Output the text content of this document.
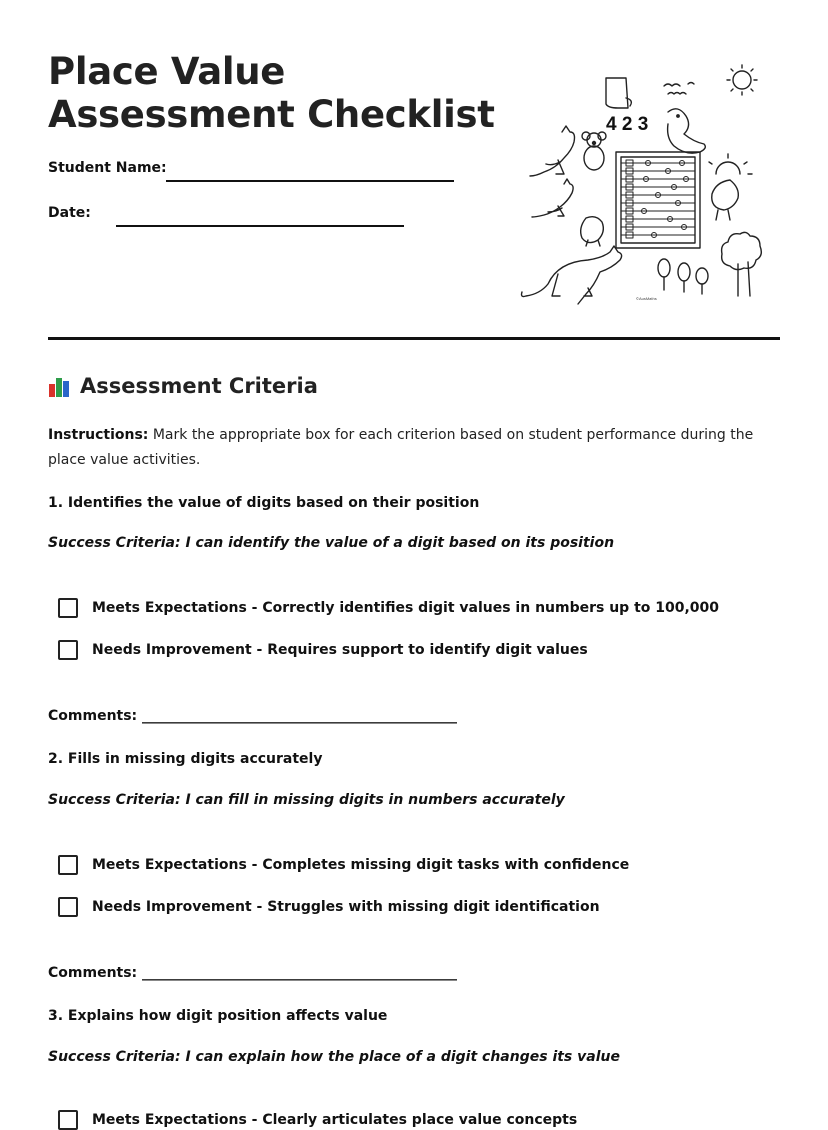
Place Value Assessment Checklist
Student Name:
Date:
4 2 3
©AusMaths
Assessment Criteria
Instructions: Mark the appropriate box for each criterion based on student performance during the place value activities.
1. Identifies the value of digits based on their position
Success Criteria: I can identify the value of a digit based on its position
Meets Expectations - Correctly identifies digit values in numbers up to 100,000
Needs Improvement - Requires support to identify digit values
Comments: _____________________________________________
2. Fills in missing digits accurately
Success Criteria: I can fill in missing digits in numbers accurately
Meets Expectations - Completes missing digit tasks with confidence
Needs Improvement - Struggles with missing digit identification
Comments: _____________________________________________
3. Explains how digit position affects value
Success Criteria: I can explain how the place of a digit changes its value
Meets Expectations - Clearly articulates place value concepts
